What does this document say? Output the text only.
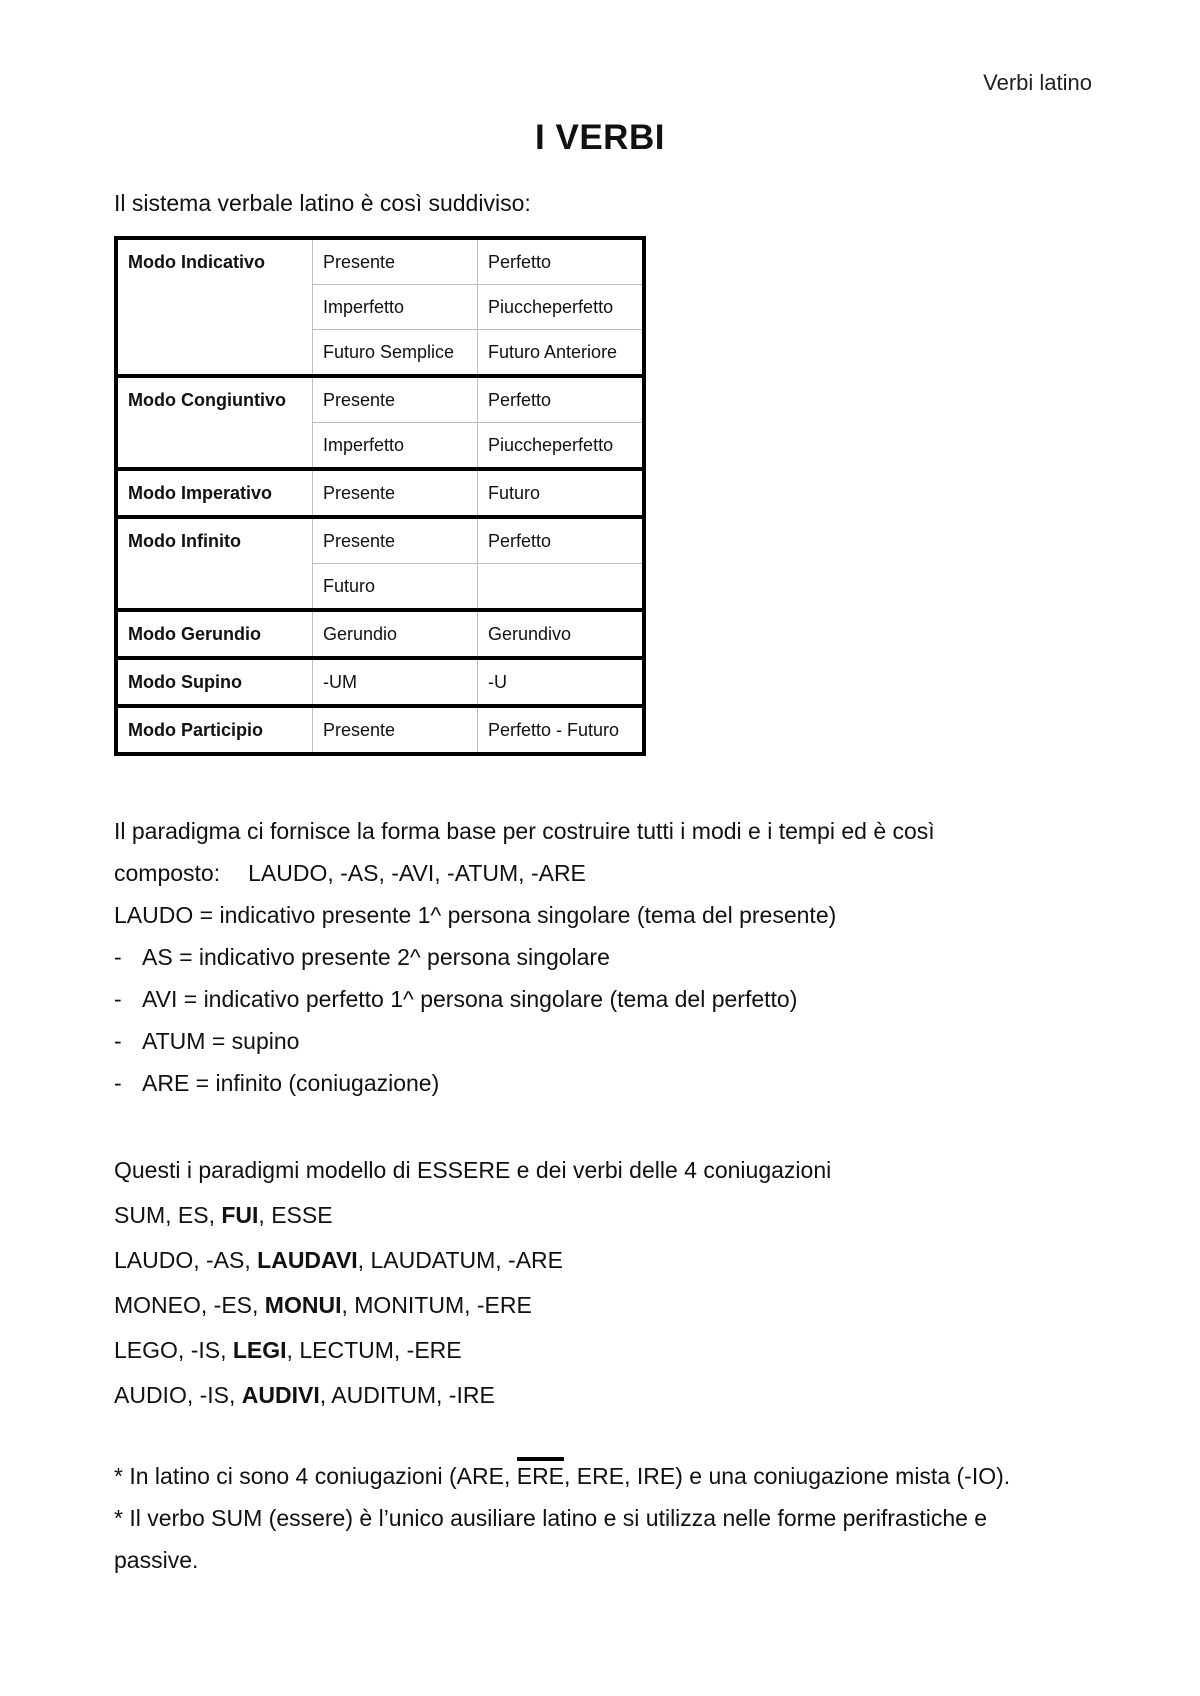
Verbi latino
I VERBI
Il sistema verbale latino è così suddiviso:
Modo Indicativo	Presente	Perfetto
	Imperfetto	Piuccheperfetto
	Futuro Semplice	Futuro Anteriore
Modo Congiuntivo	Presente	Perfetto
	Imperfetto	Piuccheperfetto
Modo Imperativo	Presente	Futuro
Modo Infinito	Presente	Perfetto
	Futuro	
Modo Gerundio	Gerundio	Gerundivo
Modo Supino	-UM	-U
Modo Participio	Presente	Perfetto - Futuro
Il paradigma ci fornisce la forma base per costruire tutti i modi e i tempi ed è così
composto: LAUDO, -AS, -AVI, -ATUM, -ARE
LAUDO = indicativo presente 1^ persona singolare (tema del presente)
- AS = indicativo presente 2^ persona singolare
- AVI = indicativo perfetto 1^ persona singolare (tema del perfetto)
- ATUM = supino
- ARE = infinito (coniugazione)
Questi i paradigmi modello di ESSERE e dei verbi delle 4 coniugazioni
SUM, ES, FUI, ESSE
LAUDO, -AS, LAUDAVI, LAUDATUM, -ARE
MONEO, -ES, MONUI, MONITUM, -ERE
LEGO, -IS, LEGI, LECTUM, -ERE
AUDIO, -IS, AUDIVI, AUDITUM, -IRE
* In latino ci sono 4 coniugazioni (ARE, ERE, ERE, IRE) e una coniugazione mista (-IO).
* Il verbo SUM (essere) è l’unico ausiliare latino e si utilizza nelle forme perifrastiche e
passive.
